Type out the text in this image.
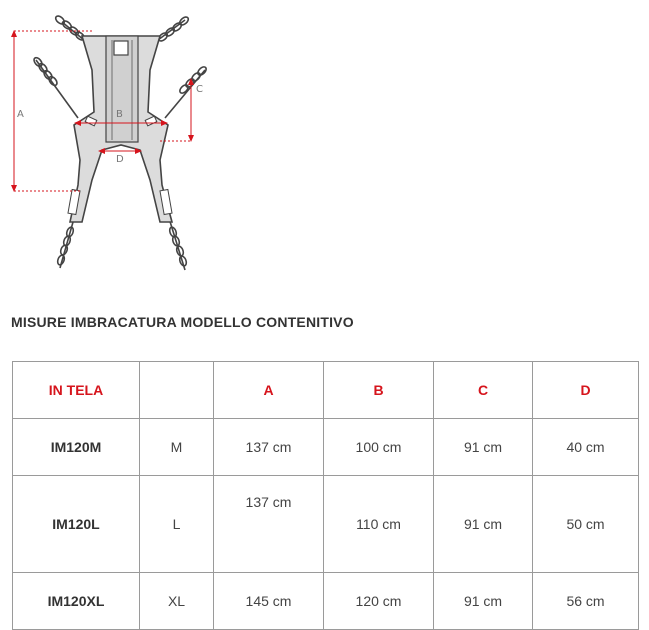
A	B
C
D
MISURE IMBRACATURA MODELLO CONTENITIVO
IN TELA		A	B	C	D
IM120M	M	137 cm	100 cm	91 cm	40 cm
IM120L	L	137 cm	110 cm	91 cm	50 cm
IM120XL	XL	145 cm	120 cm	91 cm	56 cm
